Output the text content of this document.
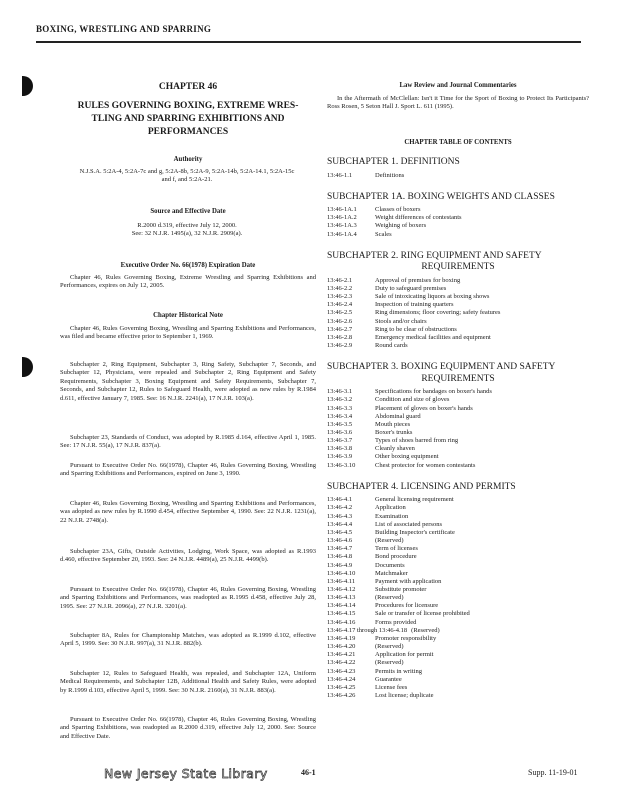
BOXING, WRESTLING AND SPARRING
CHAPTER 46
RULES GOVERNING BOXING, EXTREME WRES-TLING AND SPARRING EXHIBITIONS AND PERFORMANCES
Authority
N.J.S.A. 5:2A-4, 5:2A-7c and g, 5:2A-8b, 5:2A-9, 5:2A-14b, 5:2A-14.1, 5:2A-15c and f, and 5:2A-21.
Source and Effective Date
R.2000 d.319, effective July 12, 2000.
See: 32 N.J.R. 1495(a), 32 N.J.R. 2909(a).
Executive Order No. 66(1978) Expiration Date
Chapter 46, Rules Governing Boxing, Extreme Wrestling and Sparring Exhibitions and Performances, expires on July 12, 2005.
Chapter Historical Note
Chapter 46, Rules Governing Boxing, Wrestling and Sparring Exhibitions and Performances, was filed and became effective prior to September 1, 1969.
Subchapter 2, Ring Equipment, Subchapter 3, Ring Safety, Subchapter 7, Seconds, and Subchapter 12, Physicians, were repealed and Subchapter 2, Ring Equipment and Safety Requirements, Subchapter 3, Boxing Equipment and Safety Requirements, Subchapter 7, Seconds, and Subchapter 12, Rules to Safeguard Health, were adopted as new rules by R.1984 d.611, effective January 7, 1985. See: 16 N.J.R. 2241(a), 17 N.J.R. 103(a).
Subchapter 23, Standards of Conduct, was adopted by R.1985 d.164, effective April 1, 1985. See: 17 N.J.R. 55(a), 17 N.J.R. 837(a).
Pursuant to Executive Order No. 66(1978), Chapter 46, Rules Governing Boxing, Wrestling and Sparring Exhibitions and Performances, expired on June 3, 1990.
Chapter 46, Rules Governing Boxing, Wrestling and Sparring Exhibitions and Performances, was adopted as new rules by R.1990 d.454, effective September 4, 1990. See: 22 N.J.R. 1231(a), 22 N.J.R. 2748(a).
Subchapter 23A, Gifts, Outside Activities, Lodging, Work Space, was adopted as R.1993 d.460, effective September 20, 1993. See: 24 N.J.R. 4489(a), 25 N.J.R. 4499(b).
Pursuant to Executive Order No. 66(1978), Chapter 46, Rules Governing Boxing, Wrestling and Sparring Exhibitions and Performances, was readopted as R.1995 d.458, effective July 28, 1995. See: 27 N.J.R. 2096(a), 27 N.J.R. 3201(a).
Subchapter 8A, Rules for Championship Matches, was adopted as R.1999 d.102, effective April 5, 1999. See: 30 N.J.R. 997(a), 31 N.J.R. 882(b).
Subchapter 12, Rules to Safeguard Health, was repealed, and Subchapter 12A, Uniform Medical Requirements, and Subchapter 12B, Additional Health and Safety Rules, were adopted by R.1999 d.103, effective April 5, 1999. See: 30 N.J.R. 2160(a), 31 N.J.R. 883(a).
Pursuant to Executive Order No. 66(1978), Chapter 46, Rules Governing Boxing, Wrestling and Sparring Exhibitions, was readopted as R.2000 d.319, effective July 12, 2000. See: Source and Effective Date.
Law Review and Journal Commentaries
In the Aftermath of McClellan: Isn't it Time for the Sport of Boxing to Protect Its Participants? Ross Rosen, 5 Seton Hall J. Sport L. 611 (1995).
CHAPTER TABLE OF CONTENTS
SUBCHAPTER 1. DEFINITIONS
13:46-1.1	Definitions
SUBCHAPTER 1A. BOXING WEIGHTS AND CLASSES
13:46-1A.1	Classes of boxers
13:46-1A.2	Weight differences of contestants
13:46-1A.3	Weighing of boxers
13:46-1A.4	Scales
SUBCHAPTER 2. RING EQUIPMENT AND SAFETY
REQUIREMENTS
13:46-2.1	Approval of premises for boxing
13:46-2.2	Duty to safeguard premises
13:46-2.3	Sale of intoxicating liquors at boxing shows
13:46-2.4	Inspection of training quarters
13:46-2.5	Ring dimensions; floor covering; safety features
13:46-2.6	Stools and/or chairs
13:46-2.7	Ring to be clear of obstructions
13:46-2.8	Emergency medical facilities and equipment
13:46-2.9	Round cards
SUBCHAPTER 3. BOXING EQUIPMENT AND SAFETY
REQUIREMENTS
13:46-3.1	Specifications for bandages on boxer's hands
13:46-3.2	Condition and size of gloves
13:46-3.3	Placement of gloves on boxer's hands
13:46-3.4	Abdominal guard
13:46-3.5	Mouth pieces
13:46-3.6	Boxer's trunks
13:46-3.7	Types of shoes barred from ring
13:46-3.8	Cleanly shaven
13:46-3.9	Other boxing equipment
13:46-3.10	Chest protector for women contestants
SUBCHAPTER 4. LICENSING AND PERMITS
13:46-4.1	General licensing requirement
13:46-4.2	Application
13:46-4.3	Examination
13:46-4.4	List of associated persons
13:46-4.5	Building Inspector's certificate
13:46-4.6	(Reserved)
13:46-4.7	Term of licenses
13:46-4.8	Bond procedure
13:46-4.9	Documents
13:46-4.10	Matchmaker
13:46-4.11	Payment with application
13:46-4.12	Substitute promoter
13:46-4.13	(Reserved)
13:46-4.14	Procedures for licensure
13:46-4.15	Sale or transfer of license prohibited
13:46-4.16	Forms provided
13:46-4.17 through 13:46-4.18 (Reserved)
13:46-4.19	Promoter responsibility
13:46-4.20	(Reserved)
13:46-4.21	Application for permit
13:46-4.22	(Reserved)
13:46-4.23	Permits in writing
13:46-4.24	Guarantee
13:46-4.25	License fees
13:46-4.26	Lost license; duplicate
New Jersey State Library	46-1	Supp. 11-19-01
